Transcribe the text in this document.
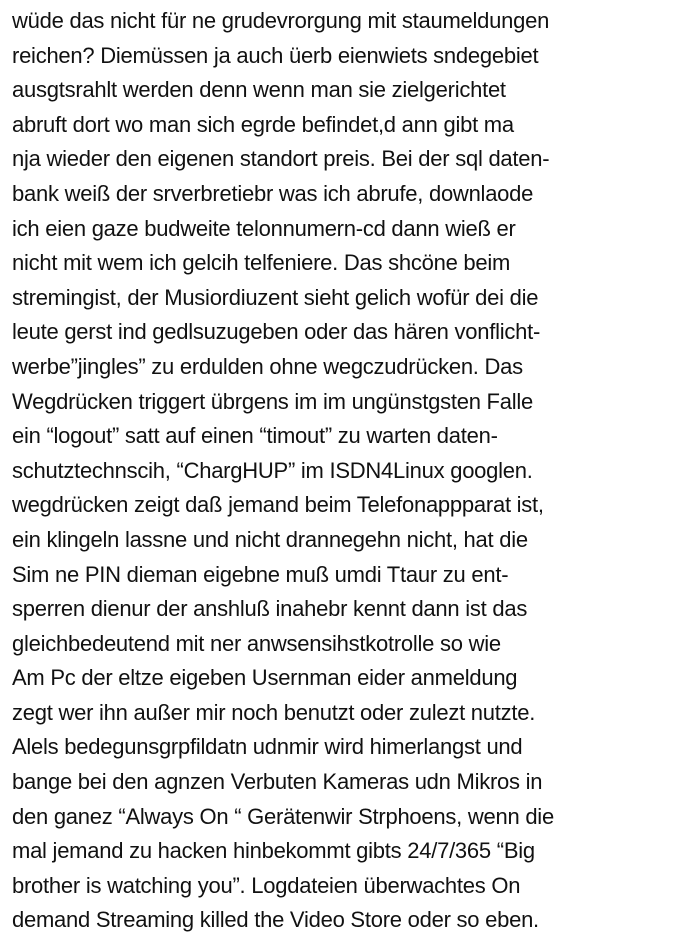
wüde das nicht für ne grudevrorgung mit staumeldungen
reichen? Diemüssen ja auch üerb eienwiets sndegebiet
ausgtsrahlt werden denn wenn man sie zielgerichtet
abruft dort wo man sich egrde befindet,d ann gibt ma
nja wieder den eigenen standort preis. Bei der sql daten-
bank weiß der srverbretiebr was ich abrufe, downlaode
ich eien gaze budweite telonnumern-cd dann wieß er
nicht mit wem ich gelcih telfeniere. Das shcöne beim
stremingist, der Musiordiuzent sieht gelich wofür dei die
leute gerst ind gedlsuzugeben oder das hären vonflicht-
werbe”jingles” zu erdulden ohne wegczudrücken. Das
Wegdrücken triggert übrgens im im ungünstgsten Falle
ein “logout” satt auf einen “timout” zu warten daten-
schutztechnscih, “ChargHUP” im ISDN4Linux googlen.
wegdrücken zeigt daß jemand beim Telefonappparat ist,
ein klingeln lassne und nicht drannegehn nicht, hat die
Sim ne PIN dieman eigebne muß umdi Ttaur zu ent-
sperren dienur der anshluß inahebr kennt dann ist das
gleichbedeutend mit ner anwsensihstkotrolle so wie
Am Pc der eltze eigeben Usernman eider anmeldung
zegt wer ihn außer mir noch benutzt oder zulezt nutzte.
Alels bedegunsgrpfildatn udnmir wird himerlangst und
bange bei den agnzen Verbuten Kameras udn Mikros in
den ganez “Always On “ Gerätenwir Strphoens, wenn die
mal jemand zu hacken hinbekommt gibts 24/7/365 “Big
brother is watching you”. Logdateien überwachtes On
demand Streaming killed the Video Store oder so eben.
